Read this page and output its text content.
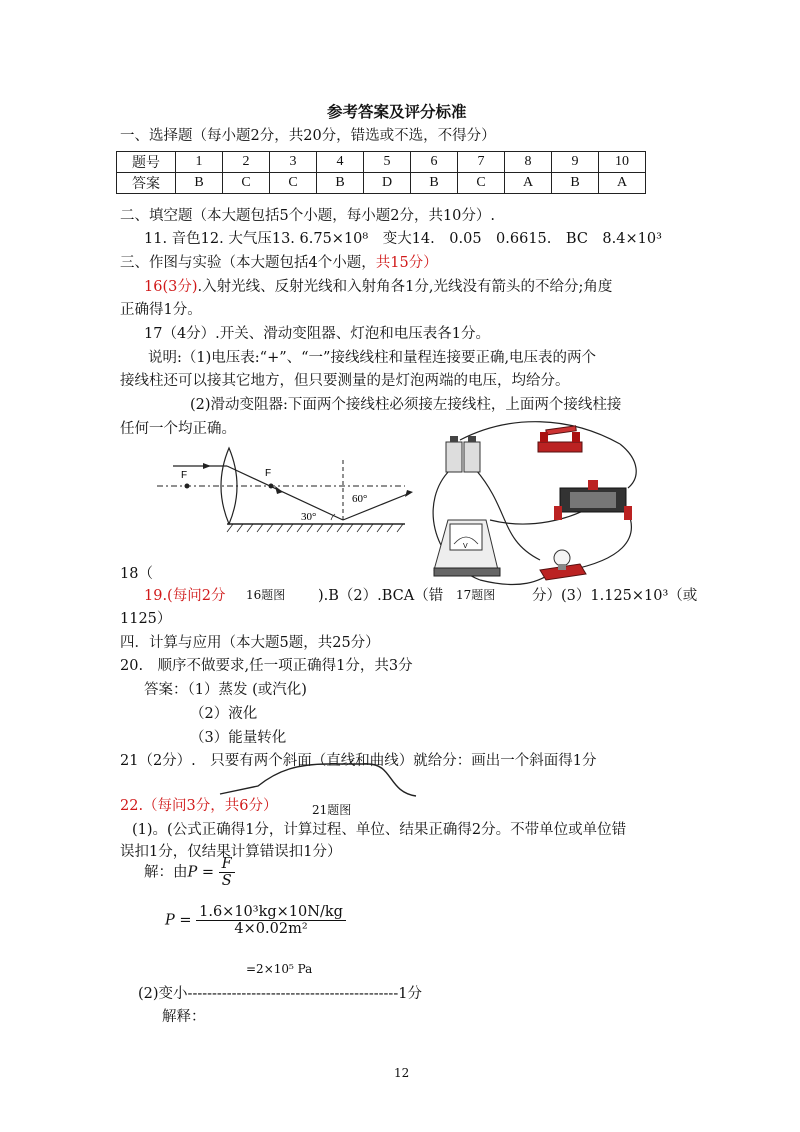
参考答案及评分标准
一、选择题（每小题2分，共20分，错选或不选，不得分）
题号	1	2	3	4	5	6	7	8	9	10
答案	B	C	C	B	D	B	C	A	B	A
二、填空题（本大题包括5个小题，每小题2分，共10分）.
11. 音色12. 大气压13. 6.75×10⁸　变大14.　0.05　0.6615.　BC　8.4×10³
三、作图与实验（本大题包括4个小题，共15分）
16(3分).入射光线、反射光线和入射角各1分,光线没有箭头的不给分;角度
正确得1分。
17（4分）.开关、滑动变阻器、灯泡和电压表各1分。
说明:（1)电压表:“+”、“一”接线线柱和量程连接要正确,电压表的两个
接线柱还可以接其它地方，但只要测量的是灯泡两端的电压，均给分。
(2)滑动变阻器:下面两个接线柱必须接左接线柱，上面两个接线柱接
任何一个均正确。
F	F
30°
60°
V
16题图	17题图
18（
19.(每问2分	).B（2）.BCA（错	分）(3）1.125×10³（或
1125）
四．计算与应用（本大题5题，共25分）
20.　顺序不做要求,任一项正确得1分，共3分
答案：（1）蒸发 (或汽化)
（2）液化
（3）能量转化
21（2分）.　只要有两个斜面（直线和曲线）就给分：画出一个斜面得1分
22.（每问3分，共6分）	21题图
(1)。(公式正确得1分，计算过程、单位、结果正确得2分。不带单位或单位错
误扣1分，仅结果计算错误扣1分）
解：由$P = \frac{F}{S}$
$P = \frac{\text{1.6×10³kg×10N/kg}}{\text{4×0.02m²}}$
=2×10⁵ Pa
(2)变小-------------------------------------------1分
解释：
12
